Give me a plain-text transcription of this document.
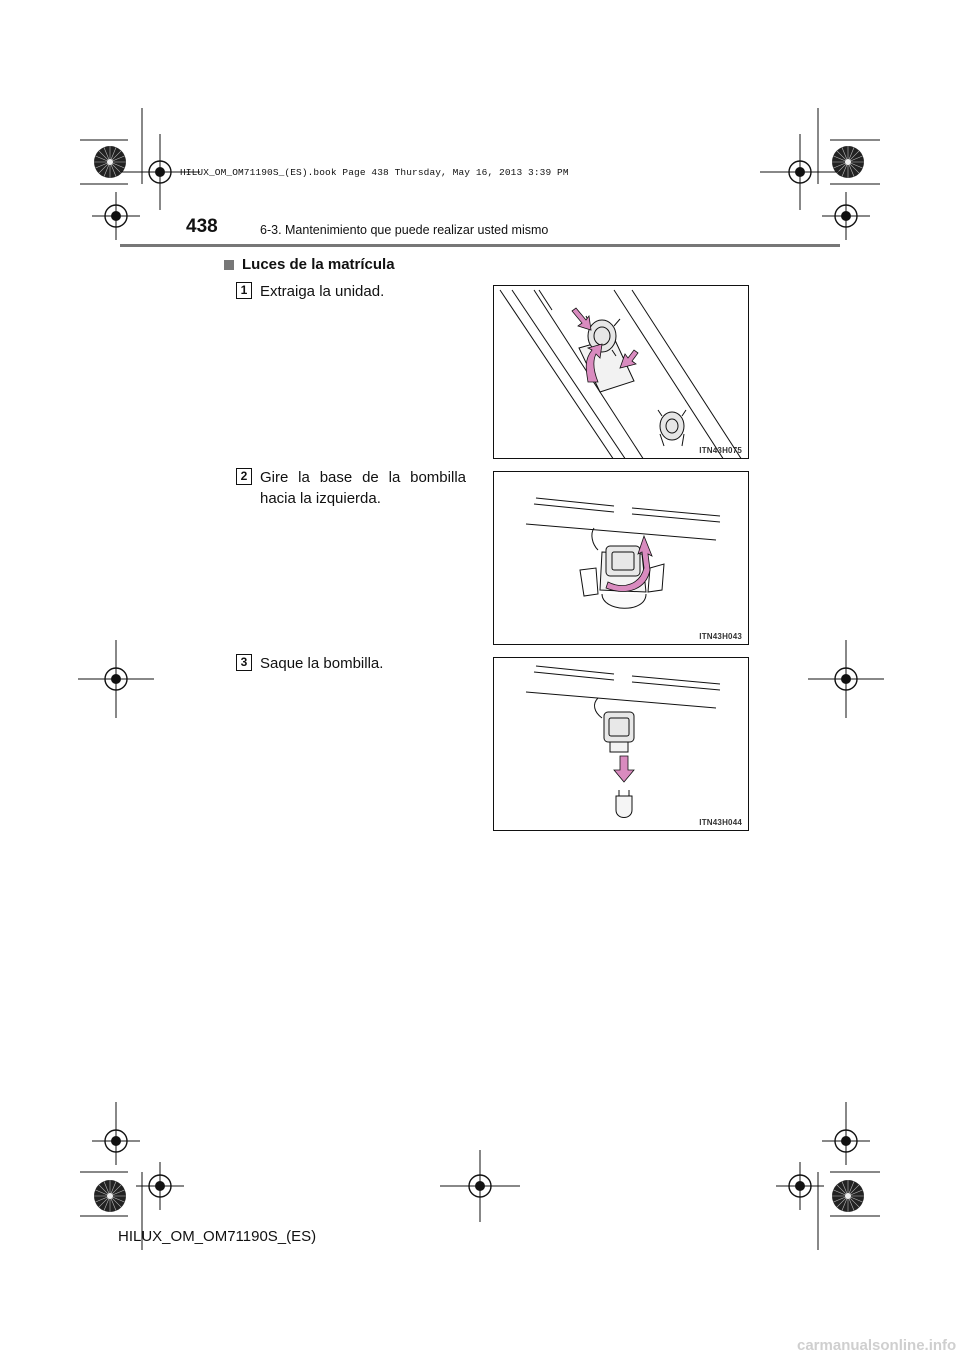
HILUX_OM_OM71190S_(ES).book Page 438 Thursday, May 16, 2013 3:39 PM
438	6-3. Mantenimiento que puede realizar usted mismo
Luces de la matrícula
1 Extraiga la unidad.
ITN43H075
2 Gire la base de la bombilla hacia la izquierda.
ITN43H043
3 Saque la bombilla.
ITN43H044
HILUX_OM_OM71190S_(ES)
carmanualsonline.info
